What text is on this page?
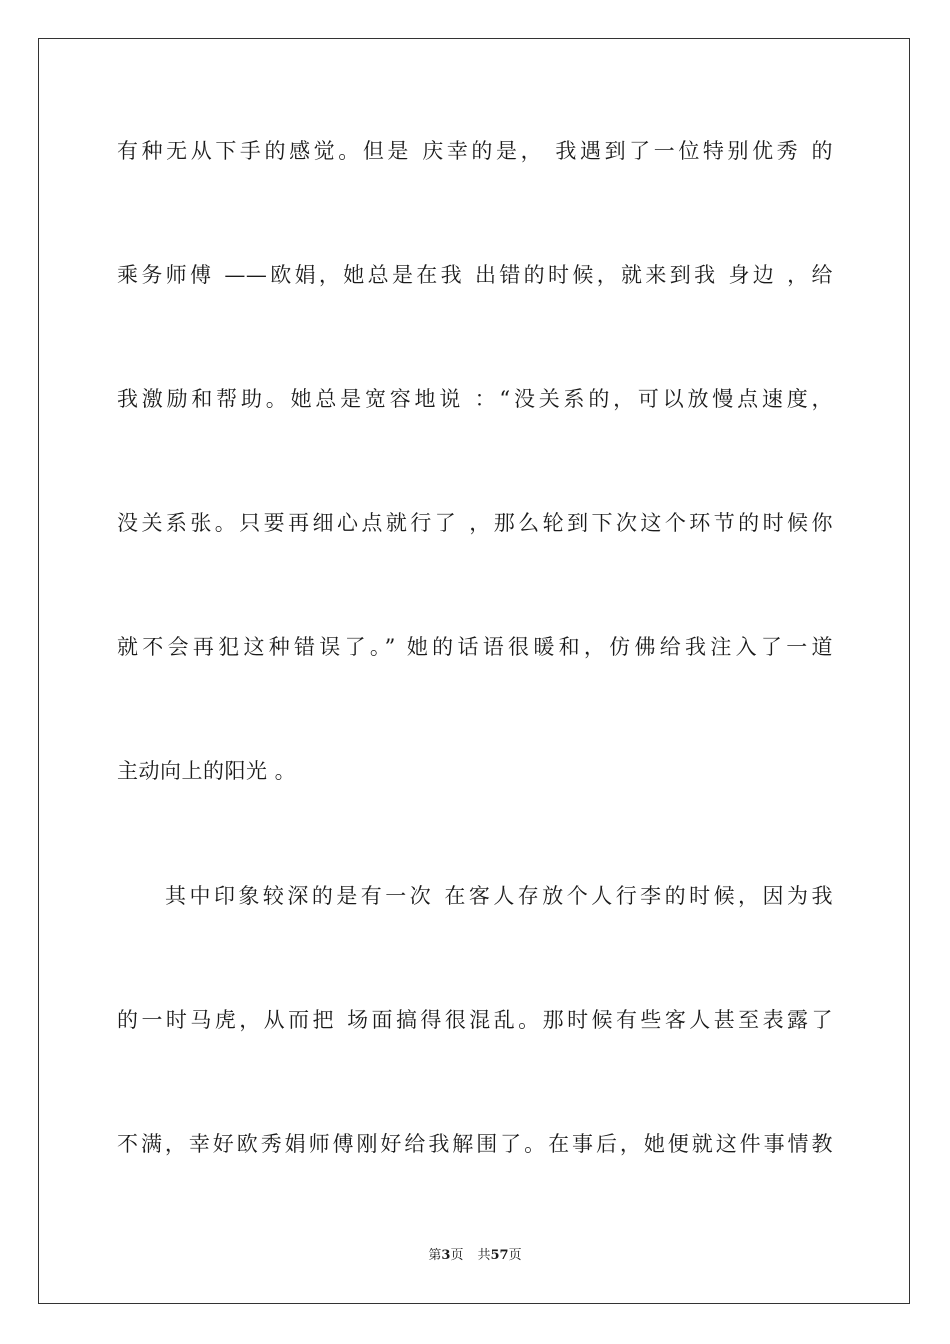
有种无从下手的感觉。但是 庆幸的是， 我遇到了一位特别优秀 的
乘务师傅 ——欧娟，她总是在我 出错的时候，就来到我 身边 ，给
我激励和帮助。她总是宽容地说 ：“没关系的，可以放慢点速度，
没关系张。只要再细心点就行了 ，那么轮到下次这个环节的时候你
就不会再犯这种错误了。” 她的话语很暖和，仿佛给我注入了一道
主动向上的阳光 。
其中印象较深的是有一次 在客人存放个人行李的时候，因为我
的一时马虎，从而把 场面搞得很混乱。那时候有些客人甚至表露了
不满，幸好欧秀娟师傅刚好给我解围了。在事后，她便就这件事情教
第3页 共57页
